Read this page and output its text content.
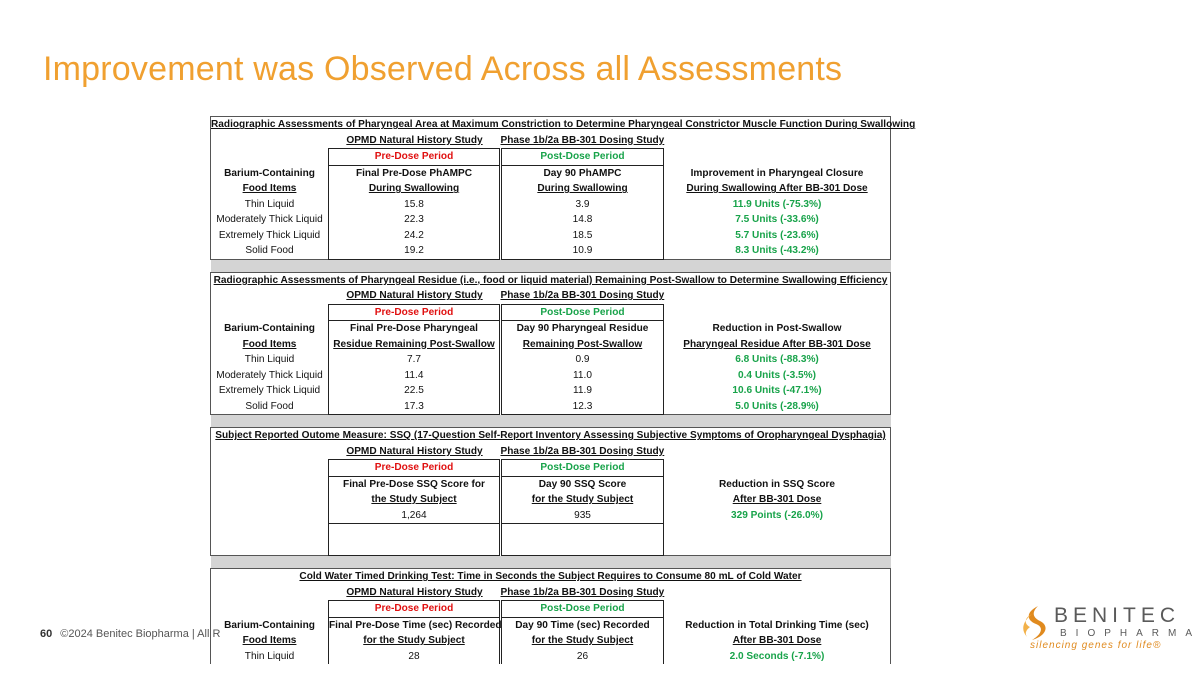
Improvement was Observed Across all Assessments
Radiographic Assessments of Pharyngeal Area at Maximum Constriction to Determine Pharyngeal Constrictor Muscle Function During Swallowing			
	OPMD Natural History Study	Phase 1b/2a BB-301 Dosing Study	
	Pre-Dose Period	Post-Dose Period	
Barium-Containing	Final Pre-Dose PhAMPC	Day 90 PhAMPC	Improvement in Pharyngeal Closure
Food Items	During Swallowing	During Swallowing	During Swallowing After BB-301 Dose
Thin Liquid	15.8	3.9	11.9 Units (-75.3%)
Moderately Thick Liquid	22.3	14.8	7.5 Units (-33.6%)
Extremely Thick Liquid	24.2	18.5	5.7 Units (-23.6%)
Solid Food	19.2	10.9	8.3 Units (-43.2%)

Radiographic Assessments of Pharyngeal Residue (i.e., food or liquid material) Remaining Post-Swallow to Determine Swallowing Efficiency			
	OPMD Natural History Study	Phase 1b/2a BB-301 Dosing Study	
	Pre-Dose Period	Post-Dose Period	
Barium-Containing	Final Pre-Dose Pharyngeal	Day 90 Pharyngeal Residue	Reduction in Post-Swallow
Food Items	Residue Remaining Post-Swallow	Remaining Post-Swallow	Pharyngeal Residue After BB-301 Dose
Thin Liquid	7.7	0.9	6.8 Units (-88.3%)
Moderately Thick Liquid	11.4	11.0	0.4 Units (-3.5%)
Extremely Thick Liquid	22.5	11.9	10.6 Units (-47.1%)
Solid Food	17.3	12.3	5.0 Units (-28.9%)

Subject Reported Outome Measure: SSQ (17-Question Self-Report Inventory Assessing Subjective Symptoms of Oropharyngeal Dysphagia)			
	OPMD Natural History Study	Phase 1b/2a BB-301 Dosing Study	
	Pre-Dose Period	Post-Dose Period	
	Final Pre-Dose SSQ Score for	Day 90 SSQ Score	Reduction in SSQ Score
	the Study Subject	for the Study Subject	After BB-301 Dose
	1,264	935	329 Points (-26.0%)

Cold Water Timed Drinking Test: Time in Seconds the Subject Requires to Consume 80 mL of Cold Water			
	OPMD Natural History Study	Phase 1b/2a BB-301 Dosing Study	
	Pre-Dose Period	Post-Dose Period	
Barium-Containing	Final Pre-Dose Time (sec) Recorded	Day 90 Time (sec) Recorded	Reduction in Total Drinking Time (sec)
Food Items	for the Study Subject	for the Study Subject	After BB-301 Dose
Thin Liquid	28	26	2.0 Seconds (-7.1%)
60 ©2024 Benitec Biopharma | All R
BENITEC
BIOPHARMA
silencing genes for life®
